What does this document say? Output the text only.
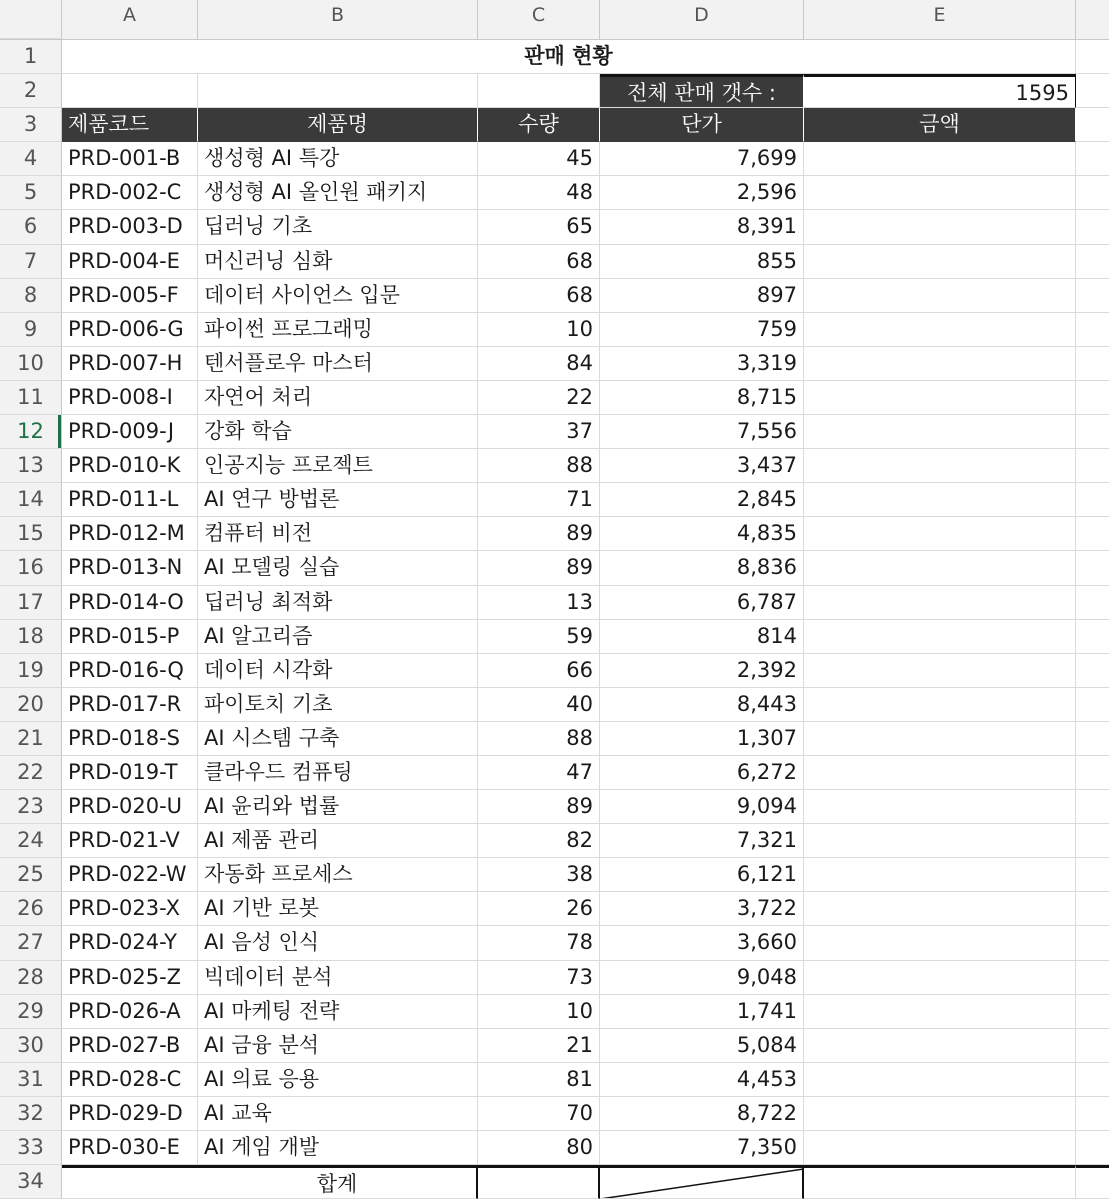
A	B	C	D	E
1	판매 현황
2	전체 판매 갯수 :	1595
3	제품코드	제품명	수량	단가	금액
4	PRD-001-B	생성형 AI 특강	45	7,699
5	PRD-002-C	생성형 AI 올인원 패키지	48	2,596
6	PRD-003-D	딥러닝 기초	65	8,391
7	PRD-004-E	머신러닝 심화	68	855
8	PRD-005-F	데이터 사이언스 입문	68	897
9	PRD-006-G 파이썬 프로그래밍	10	759
10	PRD-007-H	텐서플로우 마스터	84	3,319
11	PRD-008-I	자연어 처리	22	8,715
12	PRD-009-J	강화 학습	37	7,556
13	PRD-010-K	인공지능 프로젝트	88	3,437
14	PRD-011-L	AI 연구 방법론	71	2,845
15	PRD-012-M 컴퓨터 비전	89	4,835
16	PRD-013-N	AI 모델링 실습	89	8,836
17	PRD-014-O 딥러닝 최적화	13	6,787
18	PRD-015-P	AI 알고리즘	59	814
19	PRD-016-Q 데이터 시각화	66	2,392
20	PRD-017-R	파이토치 기초	40	8,443
21	PRD-018-S	AI 시스템 구축	88	1,307
22	PRD-019-T	클라우드 컴퓨팅	47	6,272
23	PRD-020-U	AI 윤리와 법률	89	9,094
24	PRD-021-V	AI 제품 관리	82	7,321
25	PRD-022-W 자동화 프로세스	38	6,121
26	PRD-023-X	AI 기반 로봇	26	3,722
27	PRD-024-Y	AI 음성 인식	78	3,660
28	PRD-025-Z	빅데이터 분석	73	9,048
29	PRD-026-A	AI 마케팅 전략	10	1,741
30	PRD-027-B	AI 금융 분석	21	5,084
31	PRD-028-C	AI 의료 응용	81	4,453
32	PRD-029-D	AI 교육	70	8,722
33	PRD-030-E	AI 게임 개발	80	7,350
34	합계
